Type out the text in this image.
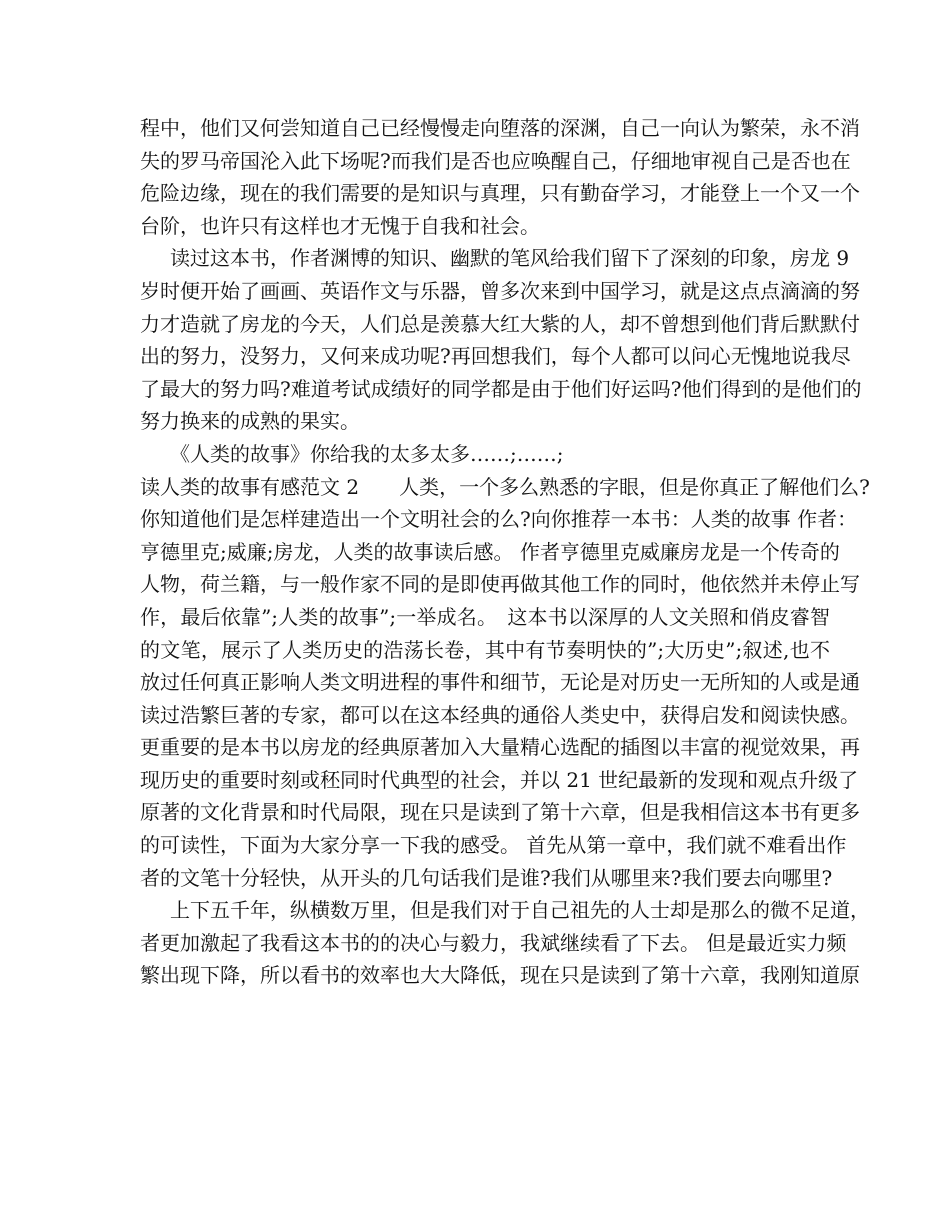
程中，他们又何尝知道自己已经慢慢走向堕落的深渊，自己一向认为繁荣，永不消
失的罗马帝国沦入此下场呢?而我们是否也应唤醒自己，仔细地审视自己是否也在
危险边缘，现在的我们需要的是知识与真理，只有勤奋学习，才能登上一个又一个
台阶，也许只有这样也才无愧于自我和社会。
读过这本书，作者渊博的知识、幽默的笔风给我们留下了深刻的印象，房龙 9
岁时便开始了画画、英语作文与乐器，曾多次来到中国学习，就是这点点滴滴的努
力才造就了房龙的今天，人们总是羡慕大红大紫的人，却不曾想到他们背后默默付
出的努力，没努力，又何来成功呢?再回想我们，每个人都可以问心无愧地说我尽
了最大的努力吗?难道考试成绩好的同学都是由于他们好运吗?他们得到的是他们的
努力换来的成熟的果实。
《人类的故事》你给我的太多太多……;……;
读人类的故事有感范文 2　　人类，一个多么熟悉的字眼，但是你真正了解他们么?
你知道他们是怎样建造出一个文明社会的么?向你推荐一本书：人类的故事 作者：
亨德里克;威廉;房龙，人类的故事读后感。 作者亨德里克威廉房龙是一个传奇的
人物，荷兰籍，与一般作家不同的是即使再做其他工作的同时，他依然并未停止写
作，最后依靠”;人类的故事”;一举成名。　这本书以深厚的人文关照和俏皮睿智
的文笔，展示了人类历史的浩荡长卷，其中有节奏明快的”;大历史”;叙述,也不
放过任何真正影响人类文明进程的事件和细节，无论是对历史一无所知的人或是通
读过浩繁巨著的专家，都可以在这本经典的通俗人类史中，获得启发和阅读快感。
更重要的是本书以房龙的经典原著加入大量精心选配的插图以丰富的视觉效果，再
现历史的重要时刻或秠同时代典型的社会，并以 21 世纪最新的发现和观点升级了
原著的文化背景和时代局限，现在只是读到了第十六章，但是我相信这本书有更多
的可读性，下面为大家分享一下我的感受。 首先从第一章中，我们就不难看出作
者的文笔十分轻快，从开头的几句话我们是谁?我们从哪里来?我们要去向哪里?
上下五千年，纵横数万里，但是我们对于自己祖先的人士却是那么的微不足道，
者更加激起了我看这本书的的决心与毅力，我斌继续看了下去。 但是最近实力频
繁出现下降，所以看书的效率也大大降低，现在只是读到了第十六章，我刚知道原
